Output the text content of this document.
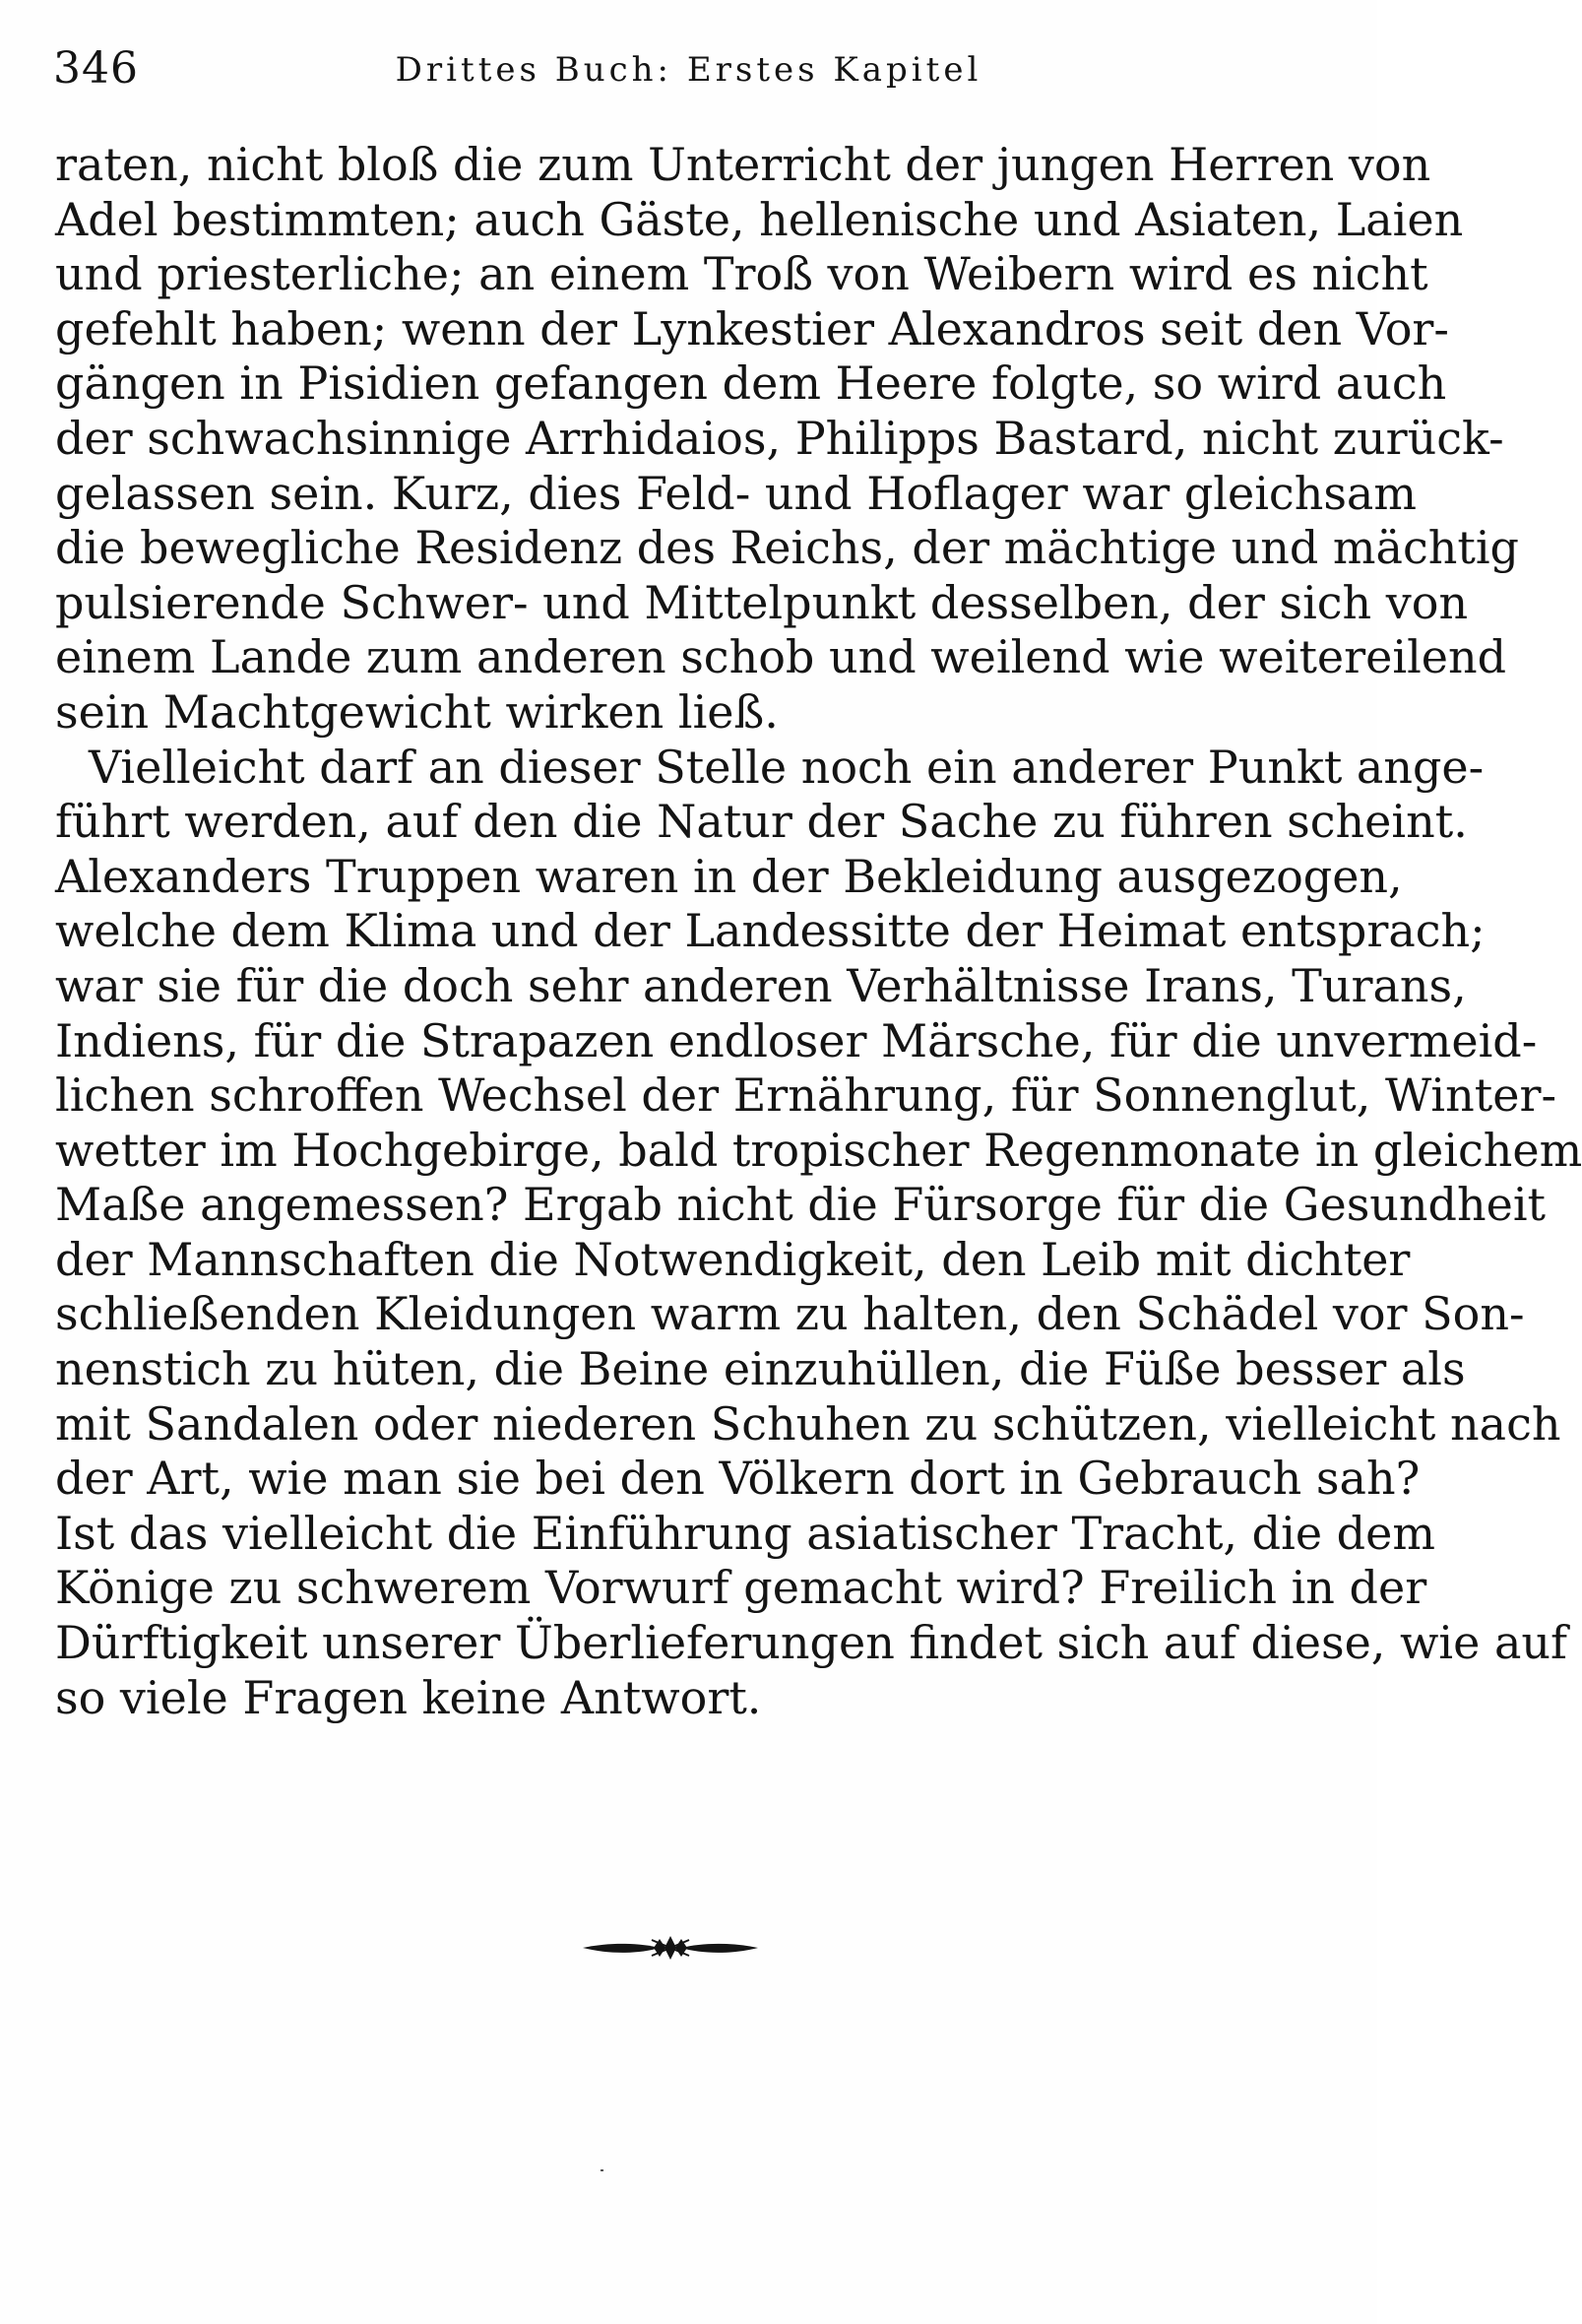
346	Drittes Buch: Erstes Kapitel
raten, nicht bloß die zum Unterricht der jungen Herren von
Adel bestimmten; auch Gäste, hellenische und Asiaten, Laien
und priesterliche; an einem Troß von Weibern wird es nicht
gefehlt haben; wenn der Lynkestier Alexandros seit den Vor-
gängen in Pisidien gefangen dem Heere folgte, so wird auch
der schwachsinnige Arrhidaios, Philipps Bastard, nicht zurück-
gelassen sein. Kurz, dies Feld- und Hoflager war gleichsam
die bewegliche Residenz des Reichs, der mächtige und mächtig
pulsierende Schwer- und Mittelpunkt desselben, der sich von
einem Lande zum anderen schob und weilend wie weitereilend
sein Machtgewicht wirken ließ.
Vielleicht darf an dieser Stelle noch ein anderer Punkt ange-
führt werden, auf den die Natur der Sache zu führen scheint.
Alexanders Truppen waren in der Bekleidung ausgezogen,
welche dem Klima und der Landessitte der Heimat entsprach;
war sie für die doch sehr anderen Verhältnisse Irans, Turans,
Indiens, für die Strapazen endloser Märsche, für die unvermeid-
lichen schroffen Wechsel der Ernährung, für Sonnenglut, Winter-
wetter im Hochgebirge, bald tropischer Regenmonate in gleichem
Maße angemessen? Ergab nicht die Fürsorge für die Gesundheit
der Mannschaften die Notwendigkeit, den Leib mit dichter
schließenden Kleidungen warm zu halten, den Schädel vor Son-
nenstich zu hüten, die Beine einzuhüllen, die Füße besser als
mit Sandalen oder niederen Schuhen zu schützen, vielleicht nach
der Art, wie man sie bei den Völkern dort in Gebrauch sah?
Ist das vielleicht die Einführung asiatischer Tracht, die dem
Könige zu schwerem Vorwurf gemacht wird? Freilich in der
Dürftigkeit unserer Überlieferungen findet sich auf diese, wie auf
so viele Fragen keine Antwort.
